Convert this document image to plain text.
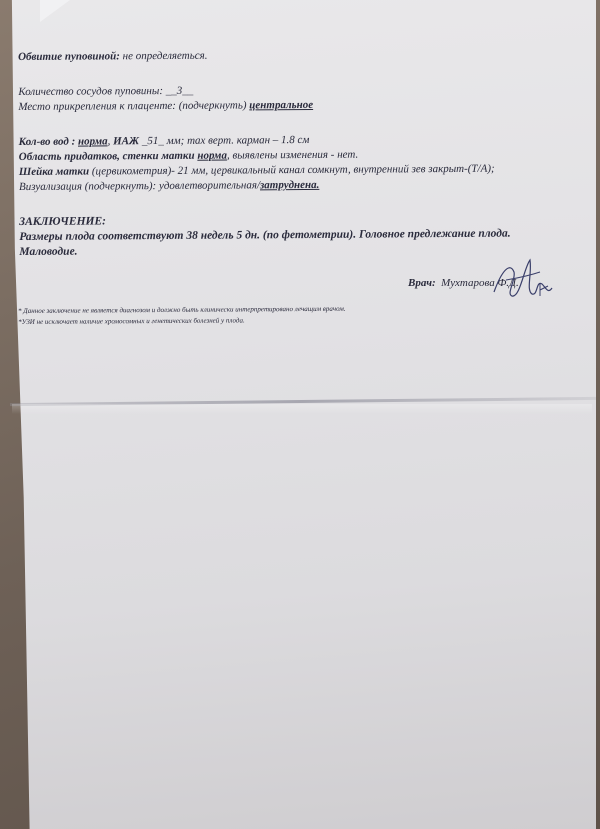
Обвитие пуповиной: не определяеться.
Количество сосудов пуповины: __3__
Место прикрепления к плаценте: (подчеркнуть) центральное
Кол-во вод : норма, ИАЖ _51_ мм; max верт. карман – 1.8 см
Область придатков, стенки матки норма, выявлены изменения - нет.
Шейка матки (цервикометрия)- 21 мм, цервикальный канал сомкнут, внутренний зев закрыт-(Т/А);
Визуализация (подчеркнуть): удовлетворительная/затруднена.
ЗАКЛЮЧЕНИЕ:
Размеры плода соответствуют 38 недель 5 дн. (по фетометрии). Головное предлежание плода.
Маловодие.
Врач: Мухтарова Ф.Д.
* Данное заключение не является диагнозом и должно быть клинически интерпретировано лечащим врачом.
*УЗИ не исключает наличие хромосомных и генетических болезней у плода.
